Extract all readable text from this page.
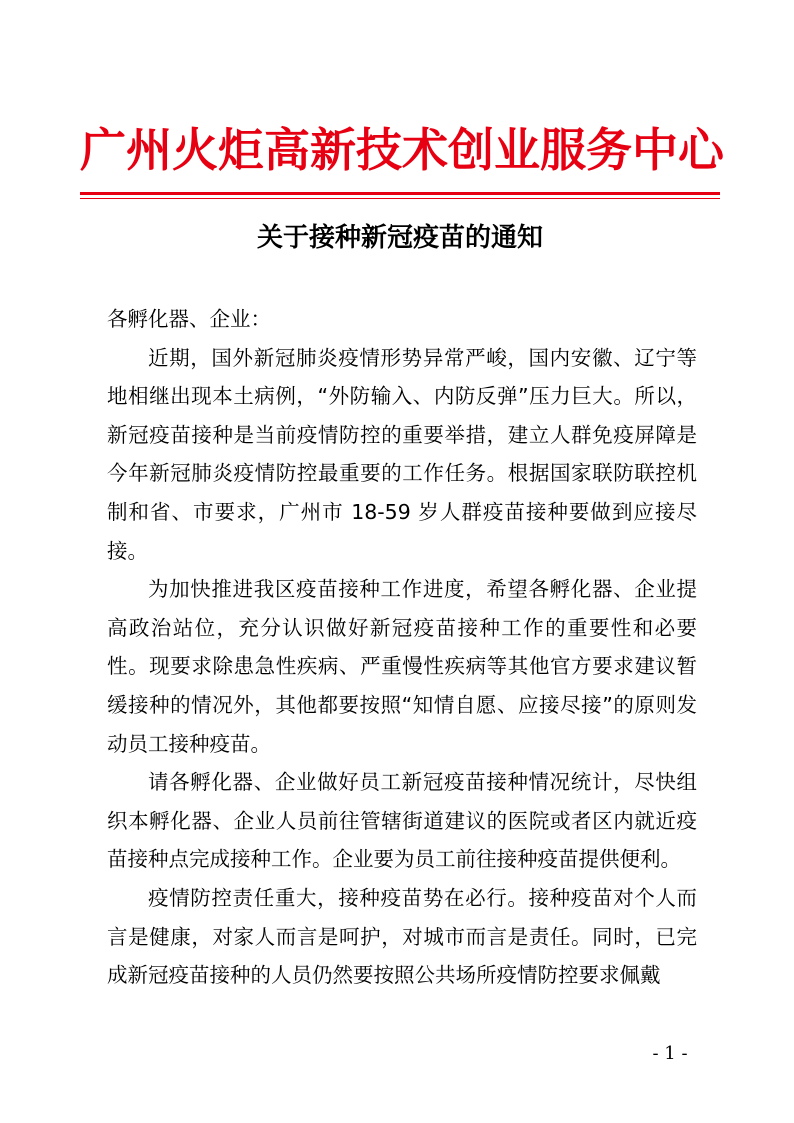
广州火炬高新技术创业服务中心
关于接种新冠疫苗的通知

各孵化器、企业：

近期，国外新冠肺炎疫情形势异常严峻，国内安徽、辽宁等地相继出现本土病例，“外防输入、内防反弹”压力巨大。所以，新冠疫苗接种是当前疫情防控的重要举措，建立人群免疫屏障是今年新冠肺炎疫情防控最重要的工作任务。根据国家联防联控机制和省、市要求，广州市 18-59 岁人群疫苗接种要做到应接尽接。

为加快推进我区疫苗接种工作进度，希望各孵化器、企业提高政治站位，充分认识做好新冠疫苗接种工作的重要性和必要性。现要求除患急性疾病、严重慢性疾病等其他官方要求建议暂缓接种的情况外，其他都要按照“知情自愿、应接尽接”的原则发动员工接种疫苗。

请各孵化器、企业做好员工新冠疫苗接种情况统计，尽快组织本孵化器、企业人员前往管辖街道建议的医院或者区内就近疫苗接种点完成接种工作。企业要为员工前往接种疫苗提供便利。

疫情防控责任重大，接种疫苗势在必行。接种疫苗对个人而言是健康，对家人而言是呵护，对城市而言是责任。同时，已完成新冠疫苗接种的人员仍然要按照公共场所疫情防控要求佩戴

- 1 -
